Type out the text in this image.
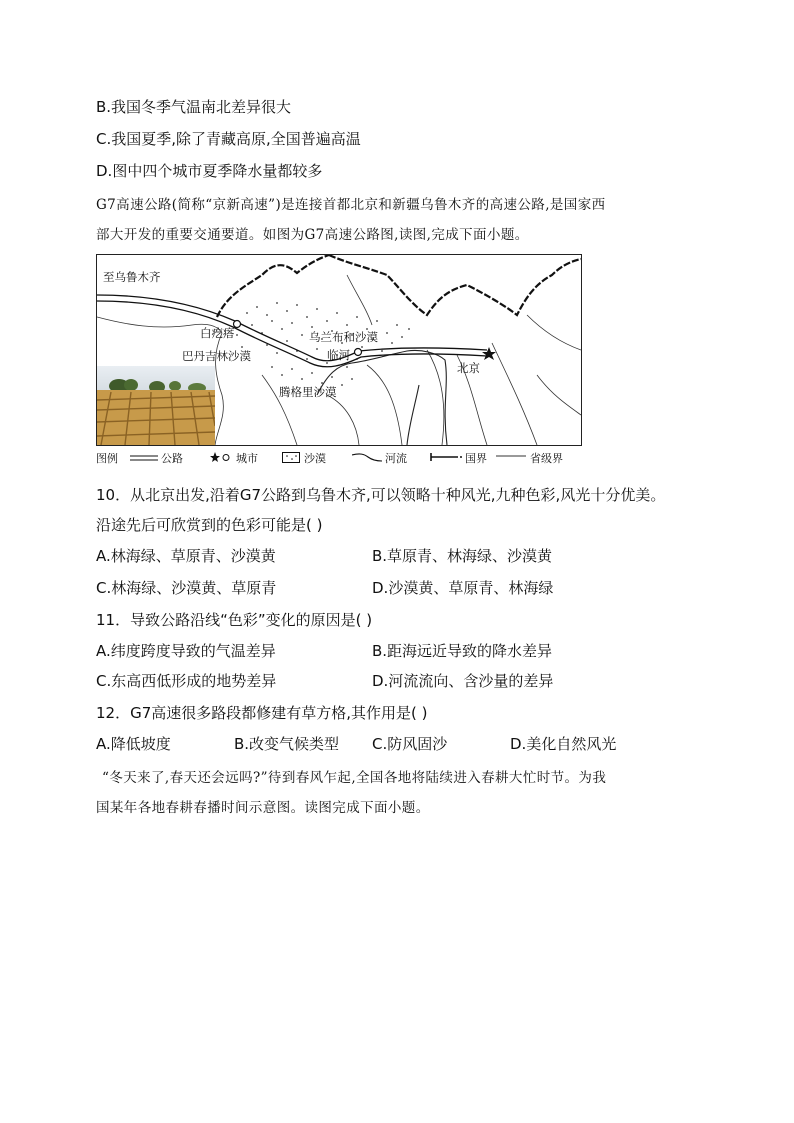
B.我国冬季气温南北差异很大
C.我国夏季,除了青藏高原,全国普遍高温
D.图中四个城市夏季降水量都较多
G7高速公路(简称“京新高速”)是连接首都北京和新疆乌鲁木齐的高速公路,是国家西
部大开发的重要交通要道。如图为G7高速公路图,读图,完成下面小题。
至乌鲁木齐
白疙瘩
巴丹吉林沙漠
乌兰布和沙漠
临河
北京
腾格里沙漠
图例	公路	城市	沙漠	河流	国界	省级界
10．从北京出发,沿着G7公路到乌鲁木齐,可以领略十种风光,九种色彩,风光十分优美。
沿途先后可欣赏到的色彩可能是( )
A.林海绿、草原青、沙漠黄	B.草原青、林海绿、沙漠黄
C.林海绿、沙漠黄、草原青	D.沙漠黄、草原青、林海绿
11．导致公路沿线“色彩”变化的原因是( )
A.纬度跨度导致的气温差异	B.距海远近导致的降水差异
C.东高西低形成的地势差异	D.河流流向、含沙量的差异
12．G7高速很多路段都修建有草方格,其作用是( )
A.降低坡度	B.改变气候类型 C.防风固沙	D.美化自然风光
“冬天来了,春天还会远吗?”待到春风乍起,全国各地将陆续进入春耕大忙时节。为我
国某年各地春耕春播时间示意图。读图完成下面小题。
